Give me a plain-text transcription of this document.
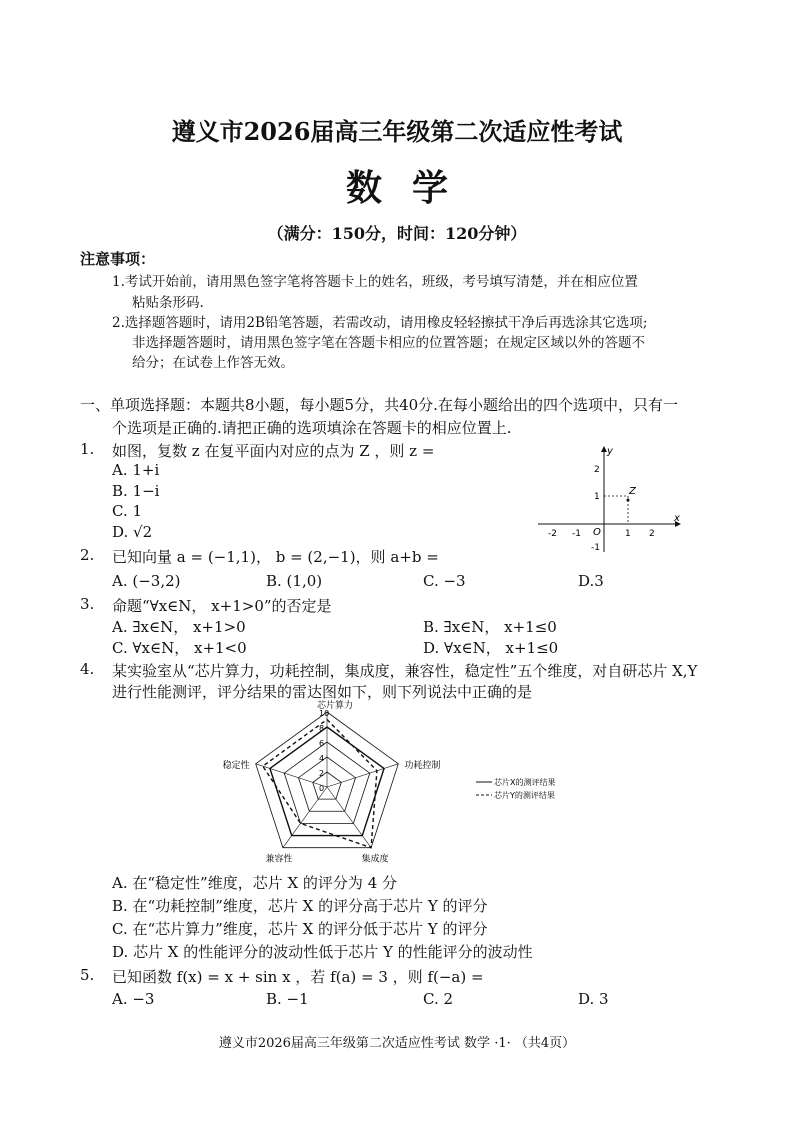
遵义市2026届高三年级第二次适应性考试
数学
（满分：150分，时间：120分钟）
注意事项：
1.考试开始前，请用黑色签字笔将答题卡上的姓名，班级，考号填写清楚，并在相应位置
粘贴条形码.
2.选择题答题时，请用2B铅笔答题，若需改动，请用橡皮轻轻擦拭干净后再选涂其它选项;
非选择题答题时，请用黑色签字笔在答题卡相应的位置答题；在规定区域以外的答题不
给分；在试卷上作答无效。
一、单项选择题：本题共8小题，每小题5分，共40分.在每小题给出的四个选项中，只有一
个选项是正确的.请把正确的选项填涂在答题卡的相应位置上.
1. 如图，复数 z 在复平面内对应的点为 Z ，则 z =
A. 1+i
B. 1−i
C. 1
D. √2
x
y
O
Z
-2 -1	1 2
2
1
-1
2. 已知向量 a = (−1,1)， b = (2,−1)，则 a+b =
A. (−3,2)	B. (1,0)	C. −3	D.3
3. 命题“∀x∈N， x+1>0”的否定是
A. ∃x∈N， x+1>0	B. ∃x∈N， x+1≤0
C. ∀x∈N， x+1<0	D. ∀x∈N， x+1≤0
4. 某实验室从“芯片算力，功耗控制，集成度，兼容性，稳定性”五个维度，对自研芯片 X,Y
进行性能测评，评分结果的雷达图如下，则下列说法中正确的是
0
2
4
6
8
10
芯片算力
功耗控制
集成度
兼容性
稳定性
芯片X的测评结果
芯片Y的测评结果
A. 在“稳定性”维度，芯片 X 的评分为 4 分
B. 在“功耗控制”维度，芯片 X 的评分高于芯片 Y 的评分
C. 在“芯片算力”维度，芯片 X 的评分低于芯片 Y 的评分
D. 芯片 X 的性能评分的波动性低于芯片 Y 的性能评分的波动性
5. 已知函数 f(x) = x + sin x ，若 f(a) = 3 ，则 f(−a) =
A. −3	B. −1	C. 2	D. 3
遵义市2026届高三年级第二次适应性考试 数学 ·1· （共4页）
